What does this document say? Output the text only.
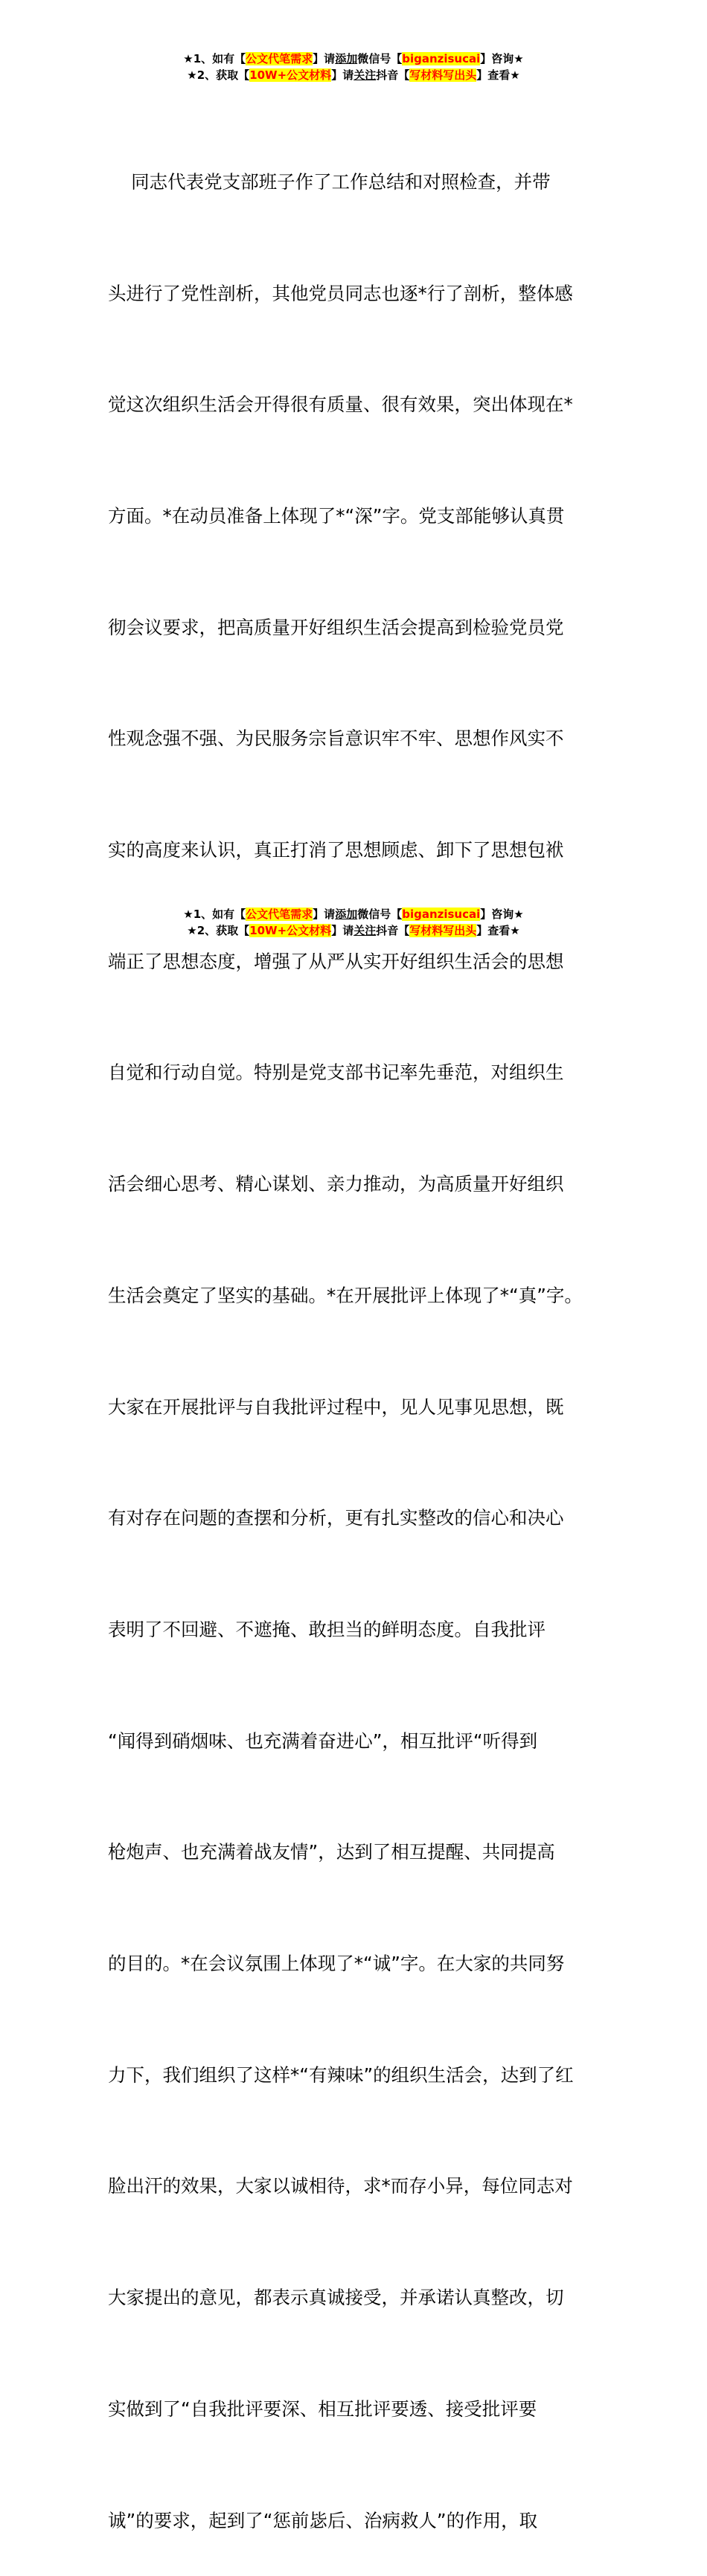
★1、如有【公文代笔需求】请添加微信号【biganzisucai】咨询★
★2、获取【10W+公文材料】请关注抖音【写材料写出头】查看★

同志代表党支部班子作了工作总结和对照检查，并带

头进行了党性剖析，其他党员同志也逐*行了剖析，整体感

觉这次组织生活会开得很有质量、很有效果，突出体现在*

方面。*在动员准备上体现了*“深”字。党支部能够认真贯

彻会议要求，把高质量开好组织生活会提高到检验党员党

性观念强不强、为民服务宗旨意识牢不牢、思想作风实不

实的高度来认识，真正打消了思想顾虑、卸下了思想包袱

端正了思想态度，增强了从严从实开好组织生活会的思想

自觉和行动自觉。特别是党支部书记率先垂范，对组织生

活会细心思考、精心谋划、亲力推动，为高质量开好组织

生活会奠定了坚实的基础。*在开展批评上体现了*“真”字。

大家在开展批评与自我批评过程中，见人见事见思想，既

有对存在问题的查摆和分析，更有扎实整改的信心和决心

表明了不回避、不遮掩、敢担当的鲜明态度。自我批评

“闻得到硝烟味、也充满着奋进心”，相互批评“听得到

枪炮声、也充满着战友情”，达到了相互提醒、共同提高

的目的。*在会议氛围上体现了*“诚”字。在大家的共同努

力下，我们组织了这样*“有辣味”的组织生活会，达到了红

脸出汗的效果，大家以诚相待，求*而存小异，每位同志对

大家提出的意见，都表示真诚接受，并承诺认真整改，切

实做到了“自我批评要深、相互批评要透、接受批评要

诚”的要求，起到了“惩前毖后、治病救人”的作用，取

★1、如有【公文代笔需求】请添加微信号【biganzisucai】咨询★
★2、获取【10W+公文材料】请关注抖音【写材料写出头】查看★
